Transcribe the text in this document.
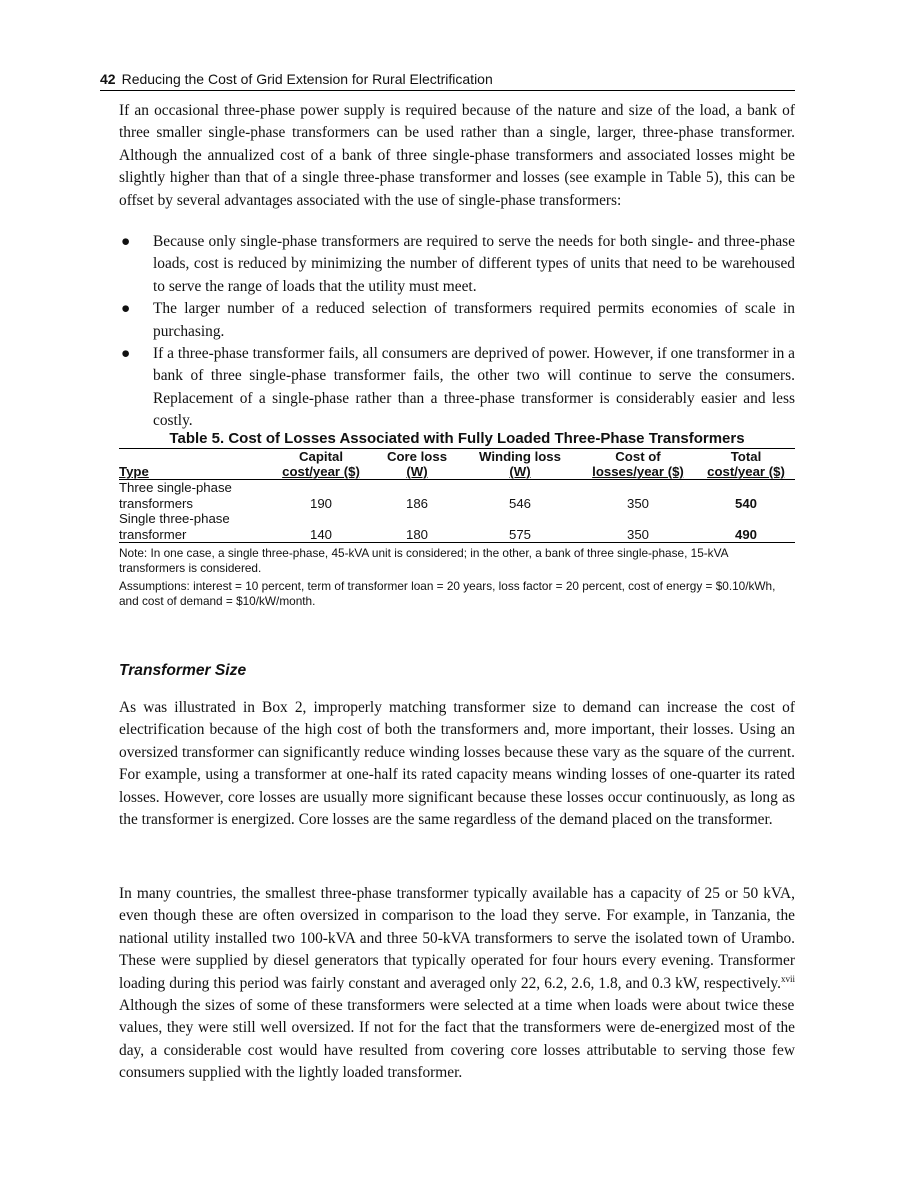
42 Reducing the Cost of Grid Extension for Rural Electrification

If an occasional three-phase power supply is required because of the nature and size of the load, a bank of three smaller single-phase transformers can be used rather than a single, larger, three-phase transformer. Although the annualized cost of a bank of three single-phase transformers and associated losses might be slightly higher than that of a single three-phase transformer and losses (see example in Table 5), this can be offset by several advantages associated with the use of single-phase transformers:

● Because only single-phase transformers are required to serve the needs for both single- and three-phase loads, cost is reduced by minimizing the number of different types of units that need to be warehoused to serve the range of loads that the utility must meet.
● The larger number of a reduced selection of transformers required permits economies of scale in purchasing.
● If a three-phase transformer fails, all consumers are deprived of power. However, if one transformer in a bank of three single-phase transformer fails, the other two will continue to serve the consumers. Replacement of a single-phase rather than a three-phase transformer is considerably easier and less costly.
Table 5. Cost of Losses Associated with Fully Loaded Three-Phase Transformers
	Capital	Core loss	Winding loss	Cost of	Total
Type	cost/year ($)	(W)	(W)	losses/year ($)	cost/year ($)
Three single-phase					
transformers	190	186	546	350	540
Single three-phase					
transformer	140	180	575	350	490

Note: In one case, a single three-phase, 45-kVA unit is considered; in the other, a bank of three single-phase, 15-kVA transformers is considered.

Assumptions: interest = 10 percent, term of transformer loan = 20 years, loss factor = 20 percent, cost of energy = $0.10/kWh, and cost of demand = $10/kW/month.

Transformer Size

As was illustrated in Box 2, improperly matching transformer size to demand can increase the cost of electrification because of the high cost of both the transformers and, more important, their losses. Using an oversized transformer can significantly reduce winding losses because these vary as the square of the current. For example, using a transformer at one-half its rated capacity means winding losses of one-quarter its rated losses. However, core losses are usually more significant because these losses occur continuously, as long as the transformer is energized. Core losses are the same regardless of the demand placed on the transformer.

In many countries, the smallest three-phase transformer typically available has a capacity of 25 or 50 kVA, even though these are often oversized in comparison to the load they serve. For example, in Tanzania, the national utility installed two 100-kVA and three 50-kVA transformers to serve the isolated town of Urambo. These were supplied by diesel generators that typically operated for four hours every evening. Transformer loading during this period was fairly constant and averaged only 22, 6.2, 2.6, 1.8, and 0.3 kW, respectively.$^{xvii}$ Although the sizes of some of these transformers were selected at a time when loads were about twice these values, they were still well oversized. If not for the fact that the transformers were de-energized most of the day, a considerable cost would have resulted from covering core losses attributable to serving those few consumers supplied with the lightly loaded transformer.
